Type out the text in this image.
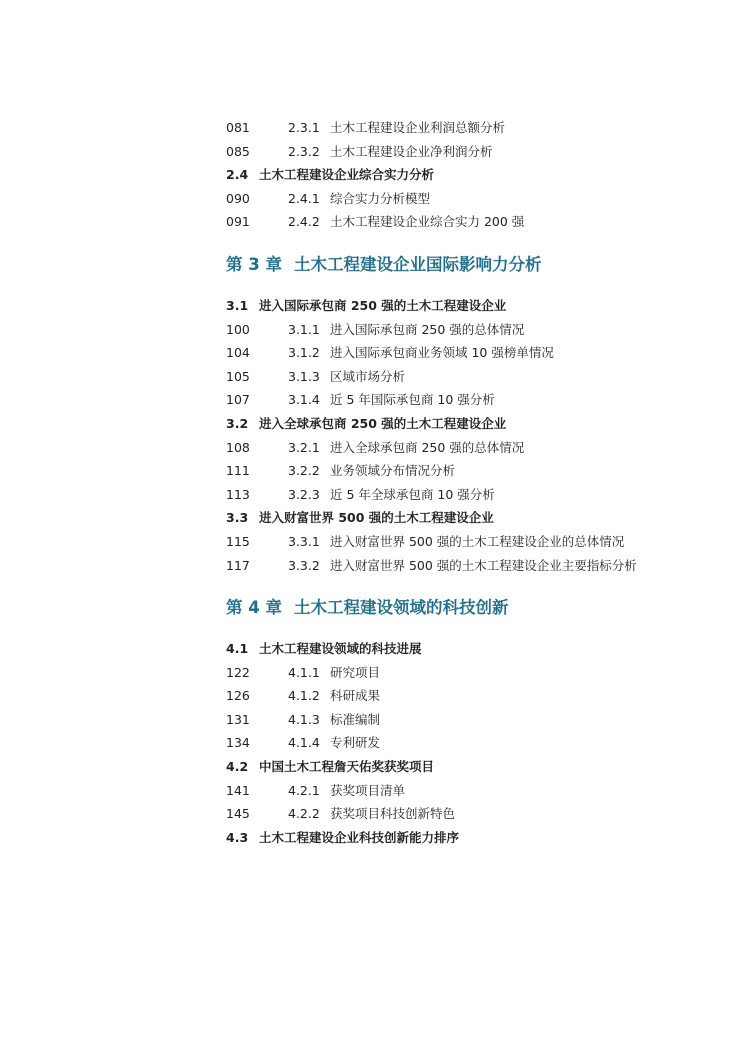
081	2.3.1 土木工程建设企业利润总额分析
085	2.3.2 土木工程建设企业净利润分析
2.4 土木工程建设企业综合实力分析
090	2.4.1 综合实力分析模型
091	2.4.2 土木工程建设企业综合实力 200 强
第 3 章 土木工程建设企业国际影响力分析
3.1 进入国际承包商 250 强的土木工程建设企业
100	3.1.1 进入国际承包商 250 强的总体情况
104	3.1.2 进入国际承包商业务领域 10 强榜单情况
105	3.1.3 区域市场分析
107	3.1.4 近 5 年国际承包商 10 强分析
3.2 进入全球承包商 250 强的土木工程建设企业
108	3.2.1 进入全球承包商 250 强的总体情况
111	3.2.2 业务领域分布情况分析
113	3.2.3 近 5 年全球承包商 10 强分析
3.3 进入财富世界 500 强的土木工程建设企业
115	3.3.1 进入财富世界 500 强的土木工程建设企业的总体情况
117	3.3.2 进入财富世界 500 强的土木工程建设企业主要指标分析
第 4 章 土木工程建设领域的科技创新
4.1 土木工程建设领域的科技进展
122	4.1.1 研究项目
126	4.1.2 科研成果
131	4.1.3 标准编制
134	4.1.4 专利研发
4.2 中国土木工程詹天佑奖获奖项目
141	4.2.1 获奖项目清单
145	4.2.2 获奖项目科技创新特色
4.3 土木工程建设企业科技创新能力排序
